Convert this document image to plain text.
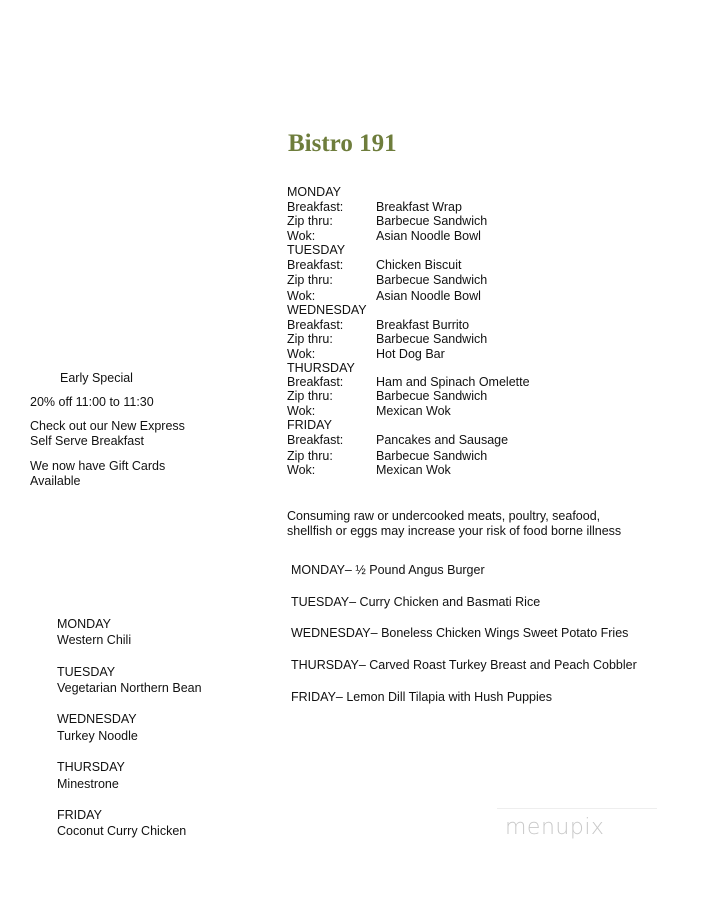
Bistro 191
MONDAY
Breakfast:	Breakfast Wrap
Zip thru:	Barbecue Sandwich
Wok:	Asian Noodle Bowl
TUESDAY
Breakfast:	Chicken Biscuit
Zip thru:	Barbecue Sandwich
Wok:	Asian Noodle Bowl
WEDNESDAY
Breakfast:	Breakfast Burrito
Zip thru:	Barbecue Sandwich
Wok:	Hot Dog Bar
THURSDAY
Breakfast:	Ham and Spinach Omelette
Zip thru:	Barbecue Sandwich
Wok:	Mexican Wok
FRIDAY
Breakfast:	Pancakes and Sausage
Zip thru:	Barbecue Sandwich
Wok:	Mexican Wok
Consuming raw or undercooked meats, poultry, seafood,
shellfish or eggs may increase your risk of food borne illness
MONDAY– ½ Pound Angus Burger
TUESDAY– Curry Chicken and Basmati Rice
WEDNESDAY– Boneless Chicken Wings Sweet Potato Fries
THURSDAY– Carved Roast Turkey Breast and Peach Cobbler
FRIDAY– Lemon Dill Tilapia with Hush Puppies
Early Special
20% off 11:00 to 11:30
Check out our New Express
Self Serve Breakfast
We now have Gift Cards
Available
MONDAY
Western Chili
TUESDAY
Vegetarian Northern Bean
WEDNESDAY
Turkey Noodle
THURSDAY
Minestrone
FRIDAY
Coconut Curry Chicken	menupix
